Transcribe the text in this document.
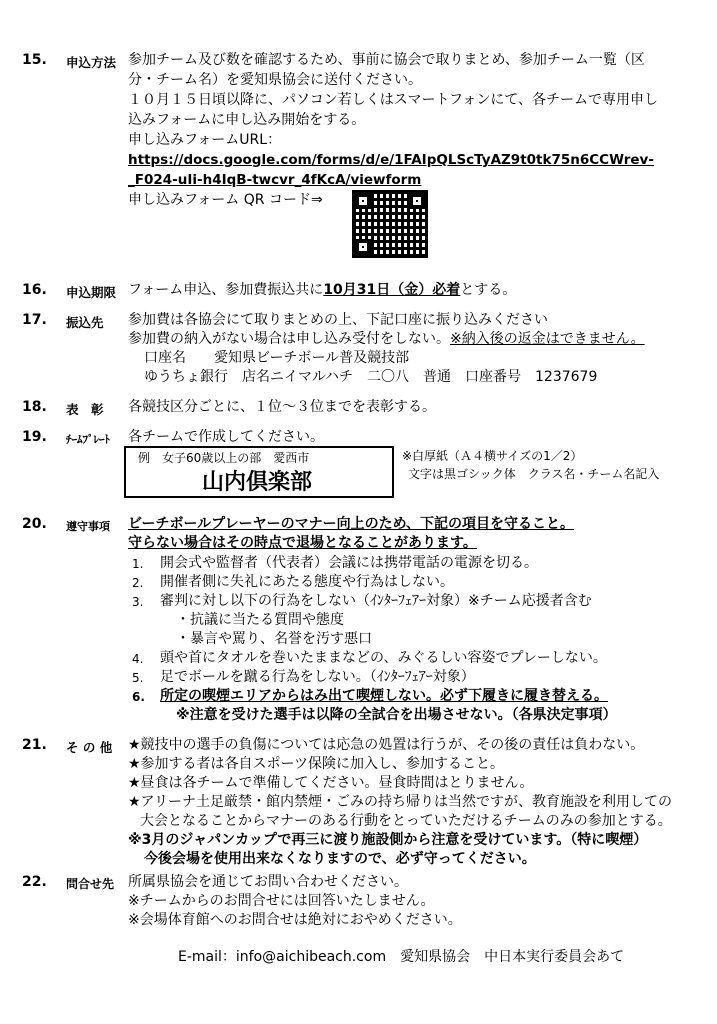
15. 申込方法 参加チーム及び数を確認するため、事前に協会で取りまとめ、参加チーム一覧（区
分・チーム名）を愛知県協会に送付ください。
１０月１５日頃以降に、パソコン若しくはスマートフォンにて、各チームで専用申し
込みフォームに申し込み開始をする。
申し込みフォームURL：
https://docs.google.com/forms/d/e/1FAIpQLScTyAZ9t0tk75n6CCWrev-
_F024-uIi-h4IqB-twcvr_4fKcA/viewform
申し込みフォーム QR コード⇒
16. 申込期限 フォーム申込、参加費振込共に10月31日（金）必着とする。
17. 振込先 参加費は各協会にて取りまとめの上、下記口座に振り込みください
参加費の納入がない場合は申し込み受付をしない。※納入後の返金はできません。
口座名　　愛知県ビーチボール普及競技部
ゆうちょ銀行　店名ニイマルハチ　二〇八　普通　口座番号　1237679
18. 表　彰 各競技区分ごとに、１位～３位までを表彰する。
19. ﾁｰﾑﾌﾟﾚｰﾄ 各チームで作成してください。
例　女子60歳以上の部　愛西市
山内倶楽部
※白厚紙（Ａ４横サイズの1／2）
文字は黒ゴシック体　クラス名・チーム名記入
20. 遵守事項 ビーチボールプレーヤーのマナー向上のため、下記の項目を守ること。
守らない場合はその時点で退場となることがあります。
1. 開会式や監督者（代表者）会議には携帯電話の電源を切る。
2. 開催者側に失礼にあたる態度や行為はしない。
3. 審判に対し以下の行為をしない（ｲﾝﾀｰﾌｪｱｰ対象）※チーム応援者含む
・抗議に当たる質問や態度
・暴言や罵り、名誉を汚す悪口
4. 頭や首にタオルを巻いたままなどの、みぐるしい容姿でプレーしない。
5. 足でボールを蹴る行為をしない。（ｲﾝﾀｰﾌｪｱｰ対象）
6. 所定の喫煙エリアからはみ出て喫煙しない。必ず下履きに履き替える。
※注意を受けた選手は以降の全試合を出場させない。（各県決定事項）
21. そ の 他 ★競技中の選手の負傷については応急の処置は行うが、その後の責任は負わない。
★参加する者は各自スポーツ保険に加入し、参加すること。
★昼食は各チームで準備してください。昼食時間はとりません。
★アリーナ土足厳禁・館内禁煙・ごみの持ち帰りは当然ですが、教育施設を利用しての
大会となることからマナーのある行動をとっていただけるチームのみの参加とする。
※3月のジャパンカップで再三に渡り施設側から注意を受けています。（特に喫煙）
今後会場を使用出来なくなりますので、必ず守ってください。
22. 問合せ先 所属県協会を通じてお問い合わせください。
※チームからのお問合せには回答いたしません。
※会場体育館へのお問合せは絶対におやめください。
E-mail：info@aichibeach.com　愛知県協会　中日本実行委員会あて
